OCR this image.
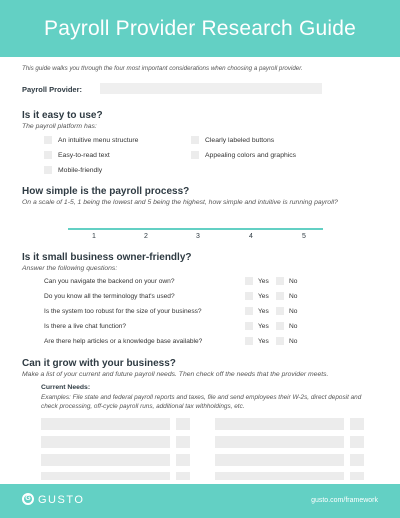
Payroll Provider Research Guide
This guide walks you through the four most important considerations when choosing a payroll provider.
Payroll Provider:
Is it easy to use?
The payroll platform has:
An intuitive menu structure
Easy-to-read text
Mobile-friendly
Clearly labeled buttons
Appealing colors and graphics
How simple is the payroll process?
On a scale of 1-5, 1 being the lowest and 5 being the highest, how simple and intuitive is running payroll?
1	2	3	4	5
Is it small business owner-friendly?
Answer the following questions:
Can you navigate the backend on your own?	Yes	No
Do you know all the terminology that's used?	Yes	No
Is the system too robust for the size of your business?	Yes	No
Is there a live chat function?	Yes	No
Are there help articles or a knowledge base available?	Yes	No
Can it grow with your business?
Make a list of your current and future payroll needs. Then check off the needs that the provider meets.
Current Needs:
Examples: File state and federal payroll reports and taxes, file and send employees their W-2s, direct deposit and check processing, off-cycle payroll runs, additional tax withholdings, etc.
G GUSTO	gusto.com/framework
